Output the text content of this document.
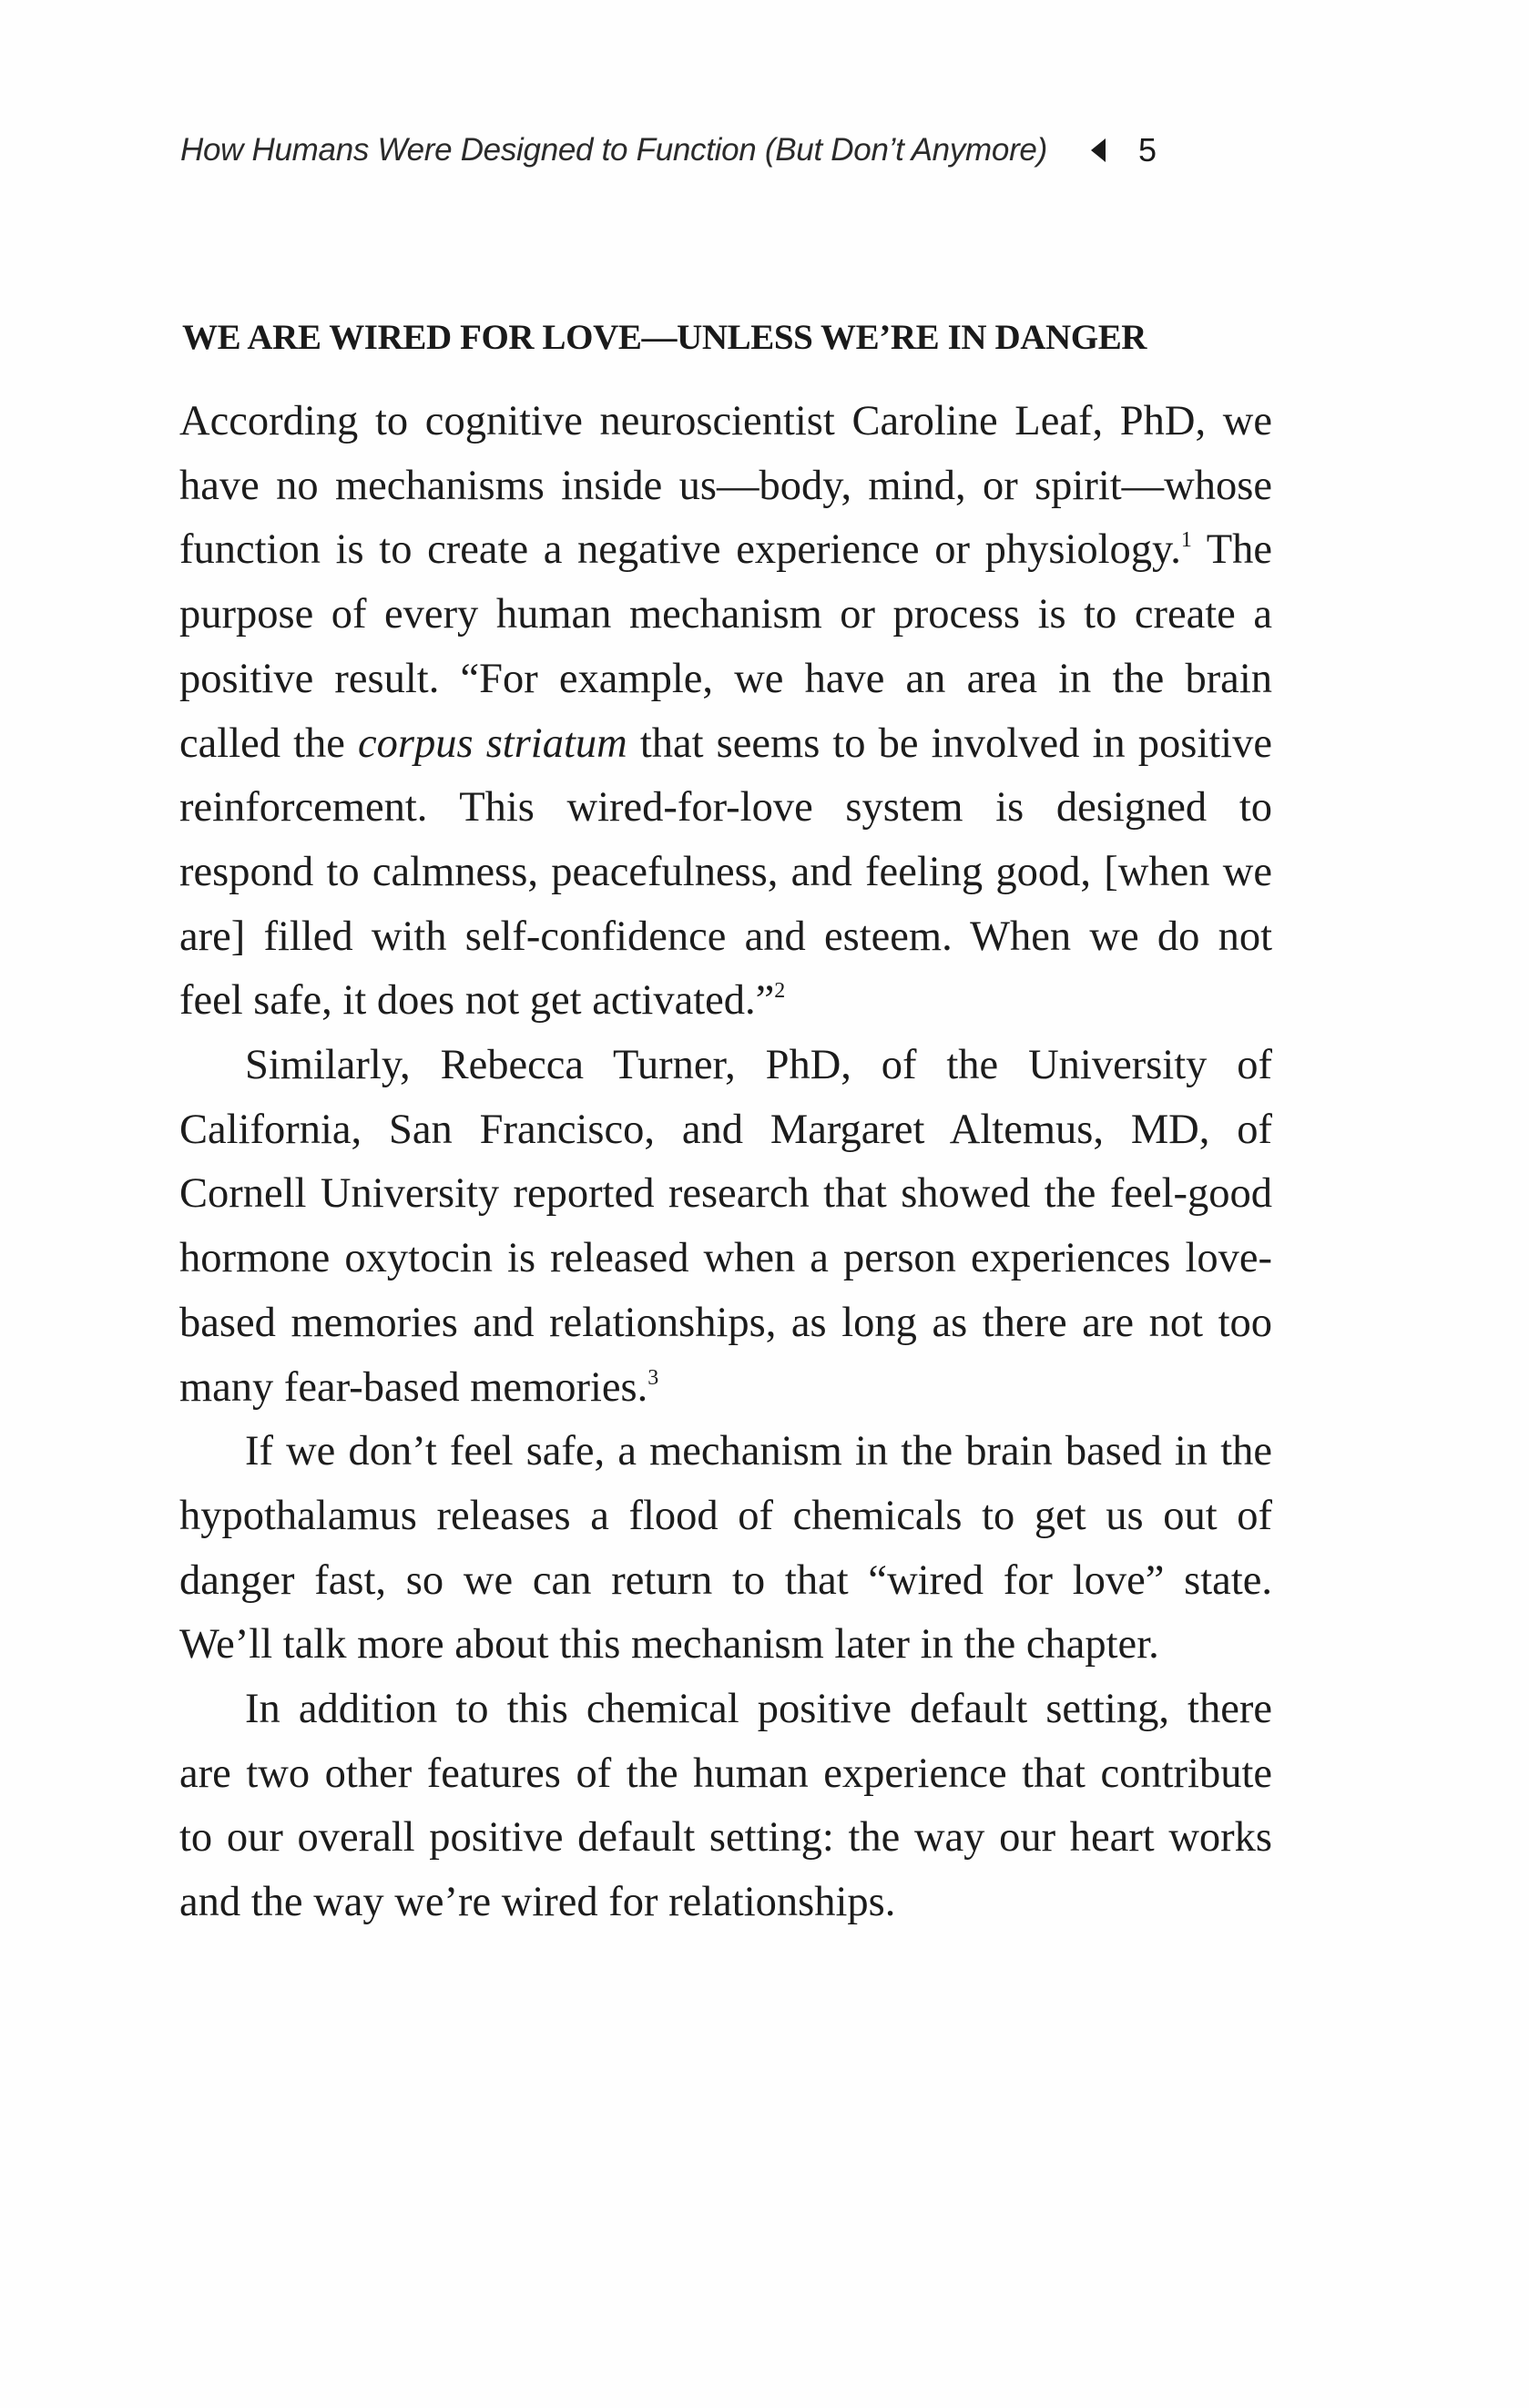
How Humans Were Designed to Function (But Don’t Anymore)	5
WE ARE WIRED FOR LOVE—UNLESS WE’RE IN DANGER

According to cognitive neuroscientist Caroline Leaf, PhD, we have no mechanisms inside us—body, mind, or spirit—whose function is to create a negative experience or physiology.$^1$ The purpose of every human mechanism or process is to create a positive result. “For example, we have an area in the brain called the corpus striatum that seems to be involved in positive reinforcement. This wired-for-love system is designed to respond to calmness, peacefulness, and feeling good, [when we are] filled with self-confidence and esteem. When we do not feel safe, it does not get activated.”$^2$

Similarly, Rebecca Turner, PhD, of the University of California, San Francisco, and Margaret Altemus, MD, of Cornell University reported research that showed the feel-good hormone oxytocin is released when a person experiences love-based memories and relationships, as long as there are not too many fear-based memories.$^3$

If we don’t feel safe, a mechanism in the brain based in the hypothalamus releases a flood of chemicals to get us out of danger fast, so we can return to that “wired for love” state. We’ll talk more about this mechanism later in the chapter.

In addition to this chemical positive default setting, there are two other features of the human experience that contribute to our overall positive default setting: the way our heart works and the way we’re wired for relationships.
